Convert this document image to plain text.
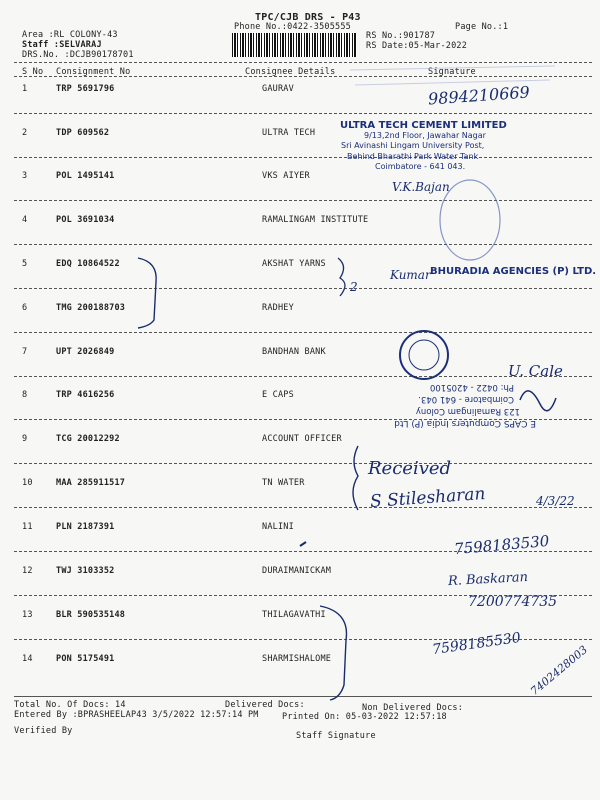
TPC/CJB DRS - P43
Phone No.:0422-3505555	Page No.:1
Area :RL COLONY-43
Staff :SELVARAJ
DRS.No. :DCJB90178701
RS No.:901787
RS Date:05-Mar-2022
S No Consignment No	Consignee Details	Signature
1	TRP 5691796	GAURAV
2	TDP 609562	ULTRA TECH
3	POL 1495141	VKS AIYER
4	POL 3691034	RAMALINGAM INSTITUTE
5	EDQ 10864522	AKSHAT YARNS
6	TMG 200188703	RADHEY
7	UPT 2026849	BANDHAN BANK
8	TRP 4616256	E CAPS
9	TCG 20012292	ACCOUNT OFFICER
10	MAA 285911517	TN WATER
11	PLN 2187391	NALINI
12	TWJ 3103352	DURAIMANICKAM
13	BLR 590535148	THILAGAVATHI
14	PON 5175491	SHARMISHALOME
Total No. Of Docs: 14	Delivered Docs:	Non Delivered Docs:
Entered By :BPRASHEELAP43 3/5/2022 12:57:14 PM	Printed On: 05-03-2022 12:57:18
Verified By	Staff Signature
ULTRA TECH CEMENT LIMITED
9/13,2nd Floor, Jawahar Nagar
Sri Avinashi Lingam University Post,
Behind Bharathi Park Water Tank
Coimbatore - 641 043.
BHURADIA AGENCIES (P) LTD.
E CAPS Computers India (P) Ltd
123 Ramalingam Colony
Coimbatore - 641 043.
Ph: 0422 - 4205100
9894210669
V.K.Bajan
2
Kumar
U. Cale
Received
S Stilesharan	4/3/22
7598183530
R. Baskaran
7200774735
7598185530 7402428003
